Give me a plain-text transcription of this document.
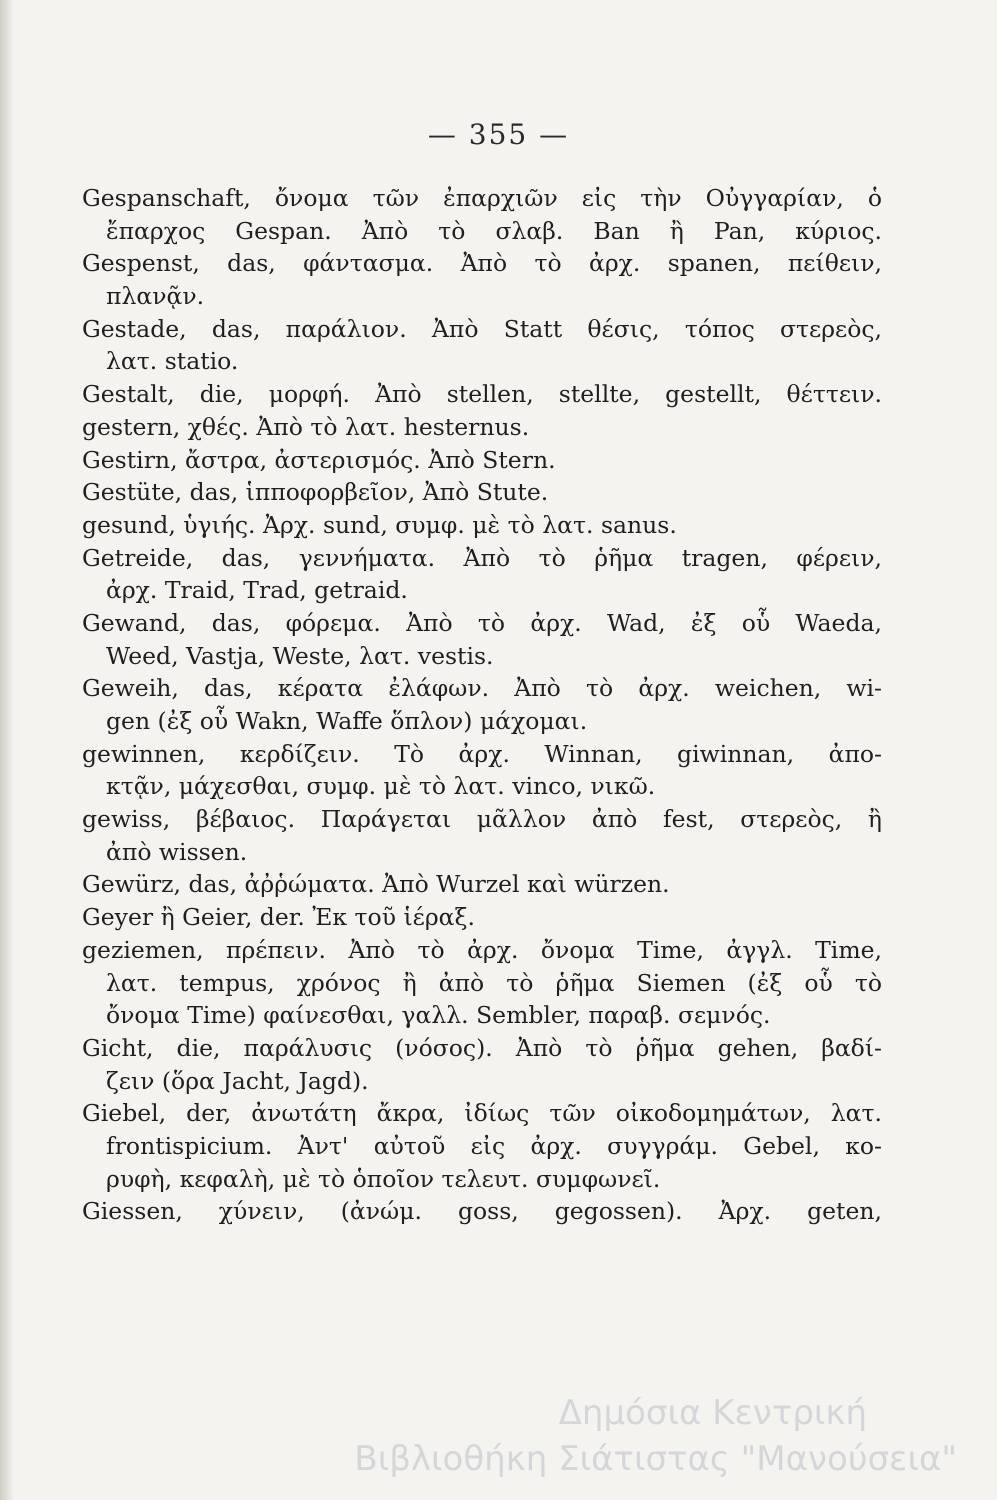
— 355 —
Gespanschaft, ὄνομα τῶν ἐπαρχιῶν εἰς τὴν Οὐγγαρίαν, ὁ
ἔπαρχος Gespan. Ἀπὸ τὸ σλαβ. Ban ἢ Pan, κύριος.
Gespenst, das, φάντασμα. Ἀπὸ τὸ ἀρχ. spanen, πείθειν,
πλανᾷν.
Gestade, das, παράλιον. Ἀπὸ Statt θέσις, τόπος στερεὸς,
λατ. statio.
Gestalt, die, μορφή. Ἀπὸ stellen, stellte, gestellt, θέττειν.
gestern, χθές. Ἀπὸ τὸ λατ. hesternus.
Gestirn, ἄστρα, ἀστερισμός. Ἀπὸ Stern.
Gestüte, das, ἱπποφορβεῖον, Ἀπὸ Stute.
gesund, ὑγιής. Ἀρχ. sund, συμφ. μὲ τὸ λατ. sanus.
Getreide, das, γεννήματα. Ἀπὸ τὸ ῥῆμα tragen, φέρειν,
ἀρχ. Traid, Trad, getraid.
Gewand, das, φόρεμα. Ἀπὸ τὸ ἀρχ. Wad, ἐξ οὗ Waeda,
Weed, Vastja, Weste, λατ. vestis.
Geweih, das, κέρατα ἐλάφων. Ἀπὸ τὸ ἀρχ. weichen, wi-
gen (ἐξ οὗ Wakn, Waffe ὅπλον) μάχομαι.
gewinnen, κερδίζειν. Τὸ ἀρχ. Winnan, giwinnan, ἀπο-
κτᾷν, μάχεσθαι, συμφ. μὲ τὸ λατ. vinco, νικῶ.
gewiss, βέβαιος. Παράγεται μᾶλλον ἀπὸ fest, στερεὸς, ἢ
ἀπὸ wissen.
Gewürz, das, ἀῤῥώματα. Ἀπὸ Wurzel καὶ würzen.
Geyer ἢ Geier, der. Ἐκ τοῦ ἱέραξ.
geziemen, πρέπειν. Ἀπὸ τὸ ἀρχ. ὄνομα Time, ἀγγλ. Time,
λατ. tempus, χρόνος ἢ ἀπὸ τὸ ῥῆμα Siemen (ἐξ οὗ τὸ
ὄνομα Time) φαίνεσθαι, γαλλ. Sembler, παραβ. σεμνός.
Gicht, die, παράλυσις (νόσος). Ἀπὸ τὸ ῥῆμα gehen, βαδί-
ζειν (ὅρα Jacht, Jagd).
Giebel, der, ἀνωτάτη ἄκρα, ἰδίως τῶν οἰκοδομημάτων, λατ.
frontispicium. Ἀντ' αὐτοῦ εἰς ἀρχ. συγγράμ. Gebel, κο-
ρυφὴ, κεφαλὴ, μὲ τὸ ὁποῖον τελευτ. συμφωνεῖ.
Giessen, χύνειν, (ἀνώμ. goss, gegossen). Ἀρχ. geten,
Δημόσια Κεντρική
Βιβλιοθήκη Σιάτιστας "Μανούσεια"
